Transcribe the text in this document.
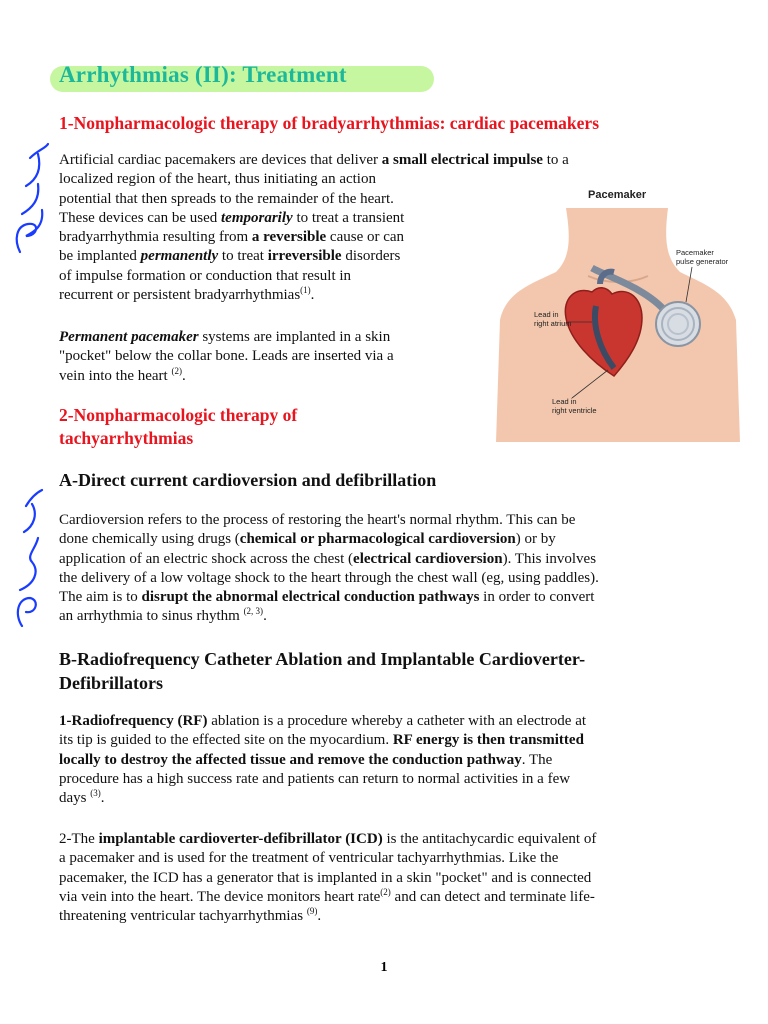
Arrhythmias (II): Treatment
1-Nonpharmacologic therapy of bradyarrhythmias: cardiac pacemakers
Artificial cardiac pacemakers are devices that deliver a small electrical impulse to a
localized region of the heart, thus initiating an action
potential that then spreads to the remainder of the heart.
These devices can be used temporarily to treat a transient
bradyarrhythmia resulting from a reversible cause or can
be implanted permanently to treat irreversible disorders
of impulse formation or conduction that result in
recurrent or persistent bradyarrhythmias$^{(1)}$.
Permanent pacemaker systems are implanted in a skin
"pocket" below the collar bone. Leads are inserted via a
vein into the heart $^{(2)}$.
Pacemaker
Pacemaker
pulse generator
Lead in
right atrium
Lead in
right ventricle
2-Nonpharmacologic therapy of
tachyarrhythmias
A-Direct current cardioversion and defibrillation
Cardioversion refers to the process of restoring the heart's normal rhythm. This can be
done chemically using drugs (chemical or pharmacological cardioversion) or by
application of an electric shock across the chest (electrical cardioversion). This involves
the delivery of a low voltage shock to the heart through the chest wall (eg, using paddles).
The aim is to disrupt the abnormal electrical conduction pathways in order to convert
an arrhythmia to sinus rhythm $^{(2, 3)}$.
B-Radiofrequency Catheter Ablation and Implantable Cardioverter-
Defibrillators
1-Radiofrequency (RF) ablation is a procedure whereby a catheter with an electrode at
its tip is guided to the effected site on the myocardium. RF energy is then transmitted
locally to destroy the affected tissue and remove the conduction pathway. The
procedure has a high success rate and patients can return to normal activities in a few
days $^{(3)}$.
2-The implantable cardioverter-defibrillator (ICD) is the antitachycardic equivalent of
a pacemaker and is used for the treatment of ventricular tachyarrhythmias. Like the
pacemaker, the ICD has a generator that is implanted in a skin "pocket" and is connected
via vein into the heart. The device monitors heart rate$^{(2)}$ and can detect and terminate life-
threatening ventricular tachyarrhythmias $^{(9)}$.

1
